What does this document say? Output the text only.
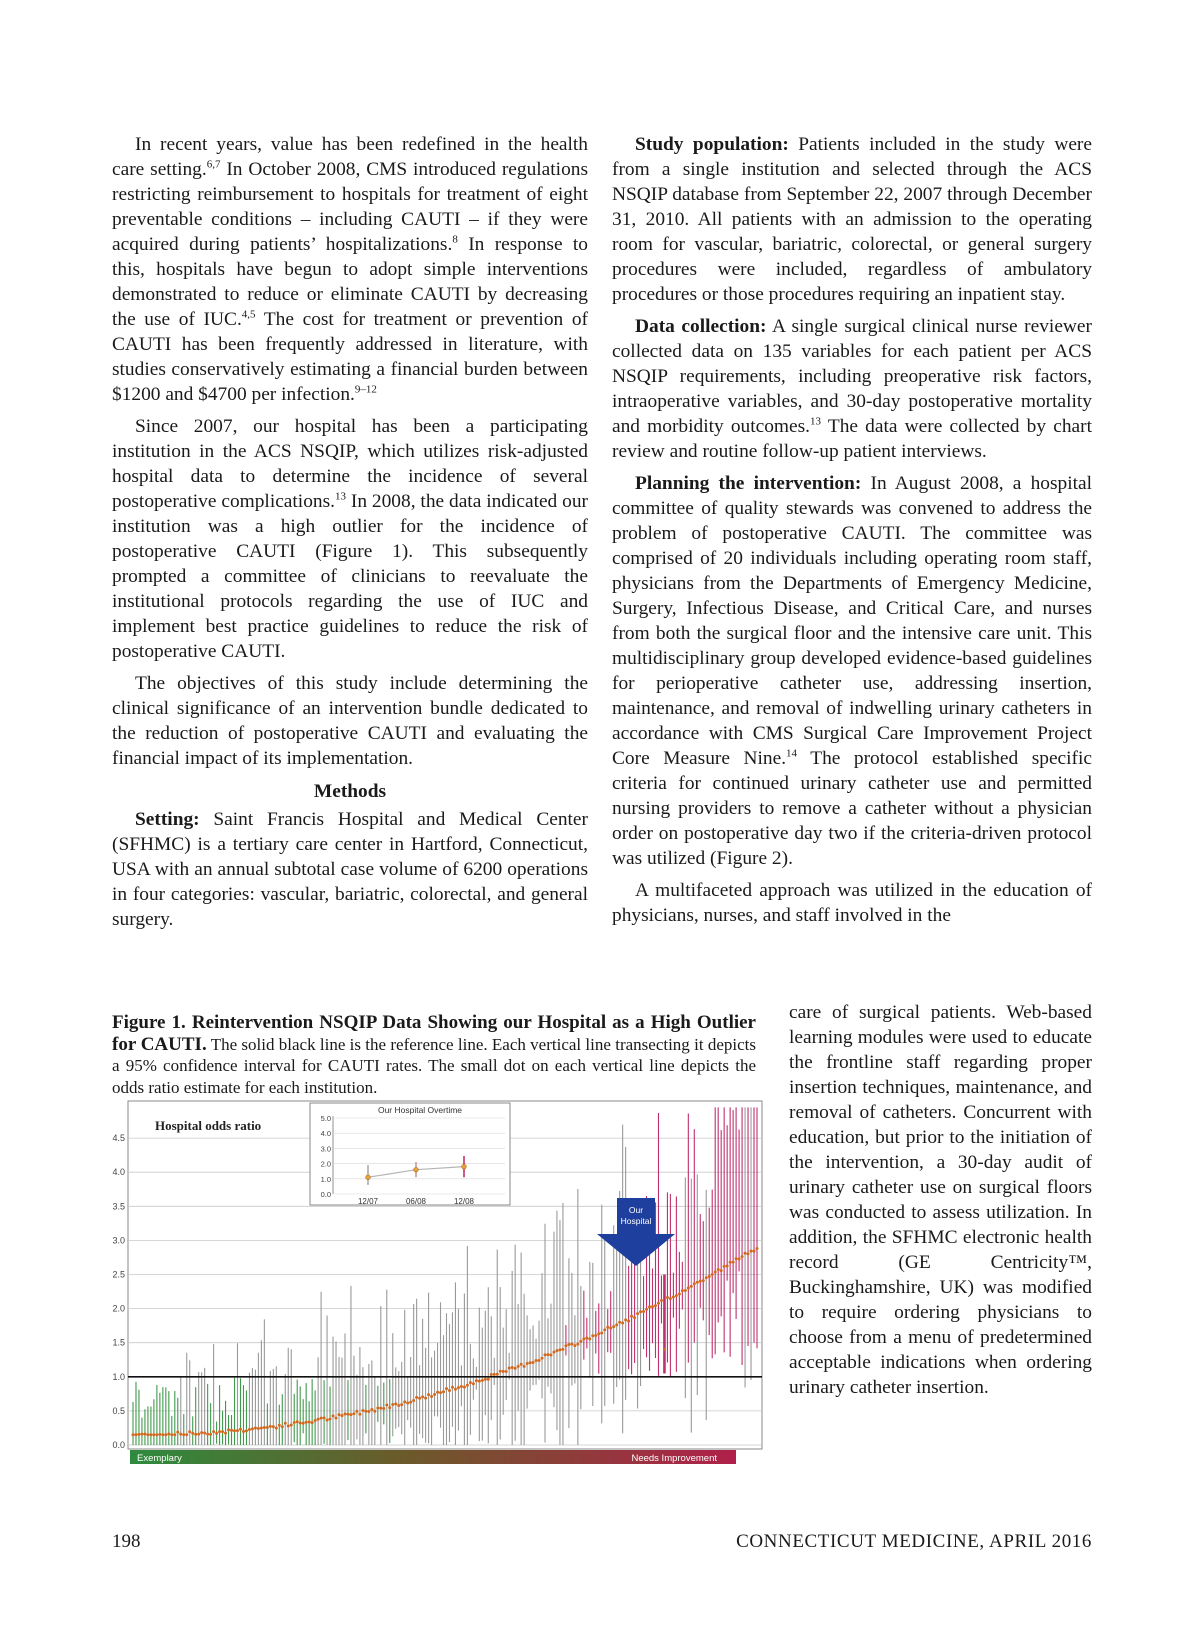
In recent years, value has been redefined in the health care setting.$^{6,7}$ In October 2008, CMS introduced regulations restricting reimbursement to hospitals for treatment of eight preventable conditions – including CAUTI – if they were acquired during patients’ hospitalizations.$^8$ In response to this, hospitals have begun to adopt simple interventions demonstrated to reduce or eliminate CAUTI by decreasing the use of IUC.$^{4,5}$ The cost for treatment or prevention of CAUTI has been frequently addressed in literature, with studies conservatively estimating a financial burden between $1200 and $4700 per infection.$^{9-12}$

Since 2007, our hospital has been a participating institution in the ACS NSQIP, which utilizes risk-adjusted hospital data to determine the incidence of several postoperative complications.$^{13}$ In 2008, the data indicated our institution was a high outlier for the incidence of postoperative CAUTI (Figure 1). This subsequently prompted a committee of clinicians to reevaluate the institutional protocols regarding the use of IUC and implement best practice guidelines to reduce the risk of postoperative CAUTI.

The objectives of this study include determining the clinical significance of an intervention bundle dedicated to the reduction of postoperative CAUTI and evaluating the financial impact of its implementation.

Methods

Setting: Saint Francis Hospital and Medical Center (SFHMC) is a tertiary care center in Hartford, Connecticut, USA with an annual subtotal case volume of 6200 operations in four categories: vascular, bariatric, colorectal, and general surgery.

Study population: Patients included in the study were from a single institution and selected through the ACS NSQIP database from September 22, 2007 through December 31, 2010. All patients with an admission to the operating room for vascular, bariatric, colorectal, or general surgery procedures were included, regardless of ambulatory procedures or those procedures requiring an inpatient stay.

Data collection: A single surgical clinical nurse reviewer collected data on 135 variables for each patient per ACS NSQIP requirements, including preoperative risk factors, intraoperative variables, and 30-day postoperative mortality and morbidity outcomes.$^{13}$ The data were collected by chart review and routine follow-up patient interviews.

Planning the intervention: In August 2008, a hospital committee of quality stewards was convened to address the problem of postoperative CAUTI. The committee was comprised of 20 individuals including operating room staff, physicians from the Departments of Emergency Medicine, Surgery, Infectious Disease, and Critical Care, and nurses from both the surgical floor and the intensive care unit. This multidisciplinary group developed evidence-based guidelines for perioperative catheter use, addressing insertion, maintenance, and removal of indwelling urinary catheters in accordance with CMS Surgical Care Improvement Project Core Measure Nine.$^{14}$ The protocol established specific criteria for continued urinary catheter use and permitted nursing providers to remove a catheter without a physician order on postoperative day two if the criteria-driven protocol was utilized (Figure 2).

A multifaceted approach was utilized in the education of physicians, nurses, and staff involved in the

care of surgical patients. Web-based learning modules were used to educate the frontline staff regarding proper insertion techniques, maintenance, and removal of catheters. Concurrent with education, but prior to the initiation of the intervention, a 30-day audit of urinary catheter use on surgical floors was conducted to assess utilization. In addition, the SFHMC electronic health record (GE Centricity™, Buckinghamshire, UK) was modified to require ordering physicians to choose from a menu of predetermined acceptable indications when ordering urinary catheter insertion.

Figure 1. Reintervention NSQIP Data Showing our Hospital as a High Outlier for CAUTI. The solid black line is the reference line. Each vertical line transecting it depicts a 95% confidence interval for CAUTI rates. The small dot on each vertical line depicts the odds ratio estimate for each institution.
0.0
0.5
1.0
1.5
2.0
2.5
3.0
3.5
4.0
4.5
Hospital odds ratio
Our Hospital Overtime
0.0
1.0
2.0
3.0
4.0
5.0
12/07	06/08	12/08
Our
Hospital
Exemplary	Needs Improvement
198	CONNECTICUT MEDICINE, APRIL 2016
